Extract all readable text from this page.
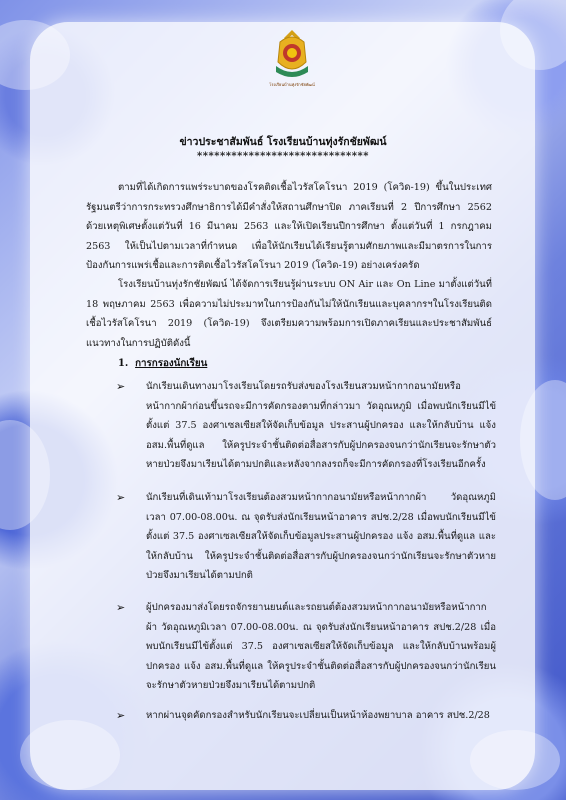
โรงเรียนบ้านทุ่งรักชัยพัฒน์
ข่าวประชาสัมพันธ์ โรงเรียนบ้านทุ่งรักชัยพัฒน์
******************************
ตามที่ได้เกิดการแพร่ระบาดของโรคติดเชื้อไวรัสโคโรนา 2019 (โควิด-19) ขึ้นในประเทศ รัฐมนตรีว่าการกระทรวงศึกษาธิการได้มีคำสั่งให้สถานศึกษาปิด ภาคเรียนที่ 2 ปีการศึกษา 2562 ด้วยเหตุพิเศษตั้งแต่วันที่ 16 มีนาคม 2563 และให้เปิดเรียนปีการศึกษา ตั้งแต่วันที่ 1 กรกฎาคม 2563 ให้เป็นไปตามเวลาที่กำหนด เพื่อให้นักเรียนได้เรียนรู้ตามศักยภาพและมีมาตรการในการป้องกันการแพร่เชื้อและการติดเชื้อไวรัสโคโรนา 2019 (โควิด-19) อย่างเคร่งครัด
โรงเรียนบ้านทุ่งรักชัยพัฒน์ ได้จัดการเรียนรู้ผ่านระบบ ON Air และ On Line มาตั้งแต่วันที่ 18 พฤษภาคม 2563 เพื่อความไม่ประมาทในการป้องกันไม่ให้นักเรียนและบุคลากรฯในโรงเรียนติดเชื้อไวรัสโคโรนา 2019 (โควิด-19) จึงเตรียมความพร้อมการเปิดภาคเรียนและประชาสัมพันธ์แนวทางในการปฏิบัติดังนี้
1. การกรองนักเรียน
➢ นักเรียนเดินทางมาโรงเรียนโดยรถรับส่งของโรงเรียนสวมหน้ากากอนามัยหรือหน้ากากผ้าก่อนขึ้นรถจะมีการคัดกรองตามที่กล่าวมา วัดอุณหภูมิ เมื่อพบนักเรียนมีไข้ตั้งแต่ 37.5 องศาเซลเซียสให้จัดเก็บข้อมูล ประสานผู้ปกครอง และให้กลับบ้าน แจ้ง อสม.พื้นที่ดูแล ให้ครูประจำชั้นติดต่อสื่อสารกับผู้ปกครองจนกว่านักเรียนจะรักษาตัวหายป่วยจึงมาเรียนได้ตามปกติและหลังจากลงรถก็จะมีการคัดกรองที่โรงเรียนอีกครั้ง
➢ นักเรียนที่เดินเท้ามาโรงเรียนต้องสวมหน้ากากอนามัยหรือหน้ากากผ้า วัดอุณหภูมิ เวลา 07.00-08.00น. ณ จุดรับส่งนักเรียนหน้าอาคาร สปช.2/28 เมื่อพบนักเรียนมีไข้ตั้งแต่ 37.5 องศาเซลเซียสให้จัดเก็บข้อมูลประสานผู้ปกครอง แจ้ง อสม.พื้นที่ดูแล และให้กลับบ้าน ให้ครูประจำชั้นติดต่อสื่อสารกับผู้ปกครองจนกว่านักเรียนจะรักษาตัวหายป่วยจึงมาเรียนได้ตามปกติ
➢ ผู้ปกครองมาส่งโดยรถจักรยานยนต์และรถยนต์ต้องสวมหน้ากากอนามัยหรือหน้ากากผ้า วัดอุณหภูมิเวลา 07.00-08.00น. ณ จุดรับส่งนักเรียนหน้าอาคาร สปช.2/28 เมื่อพบนักเรียนมีไข้ตั้งแต่ 37.5 องศาเซลเซียสให้จัดเก็บข้อมูล และให้กลับบ้านพร้อมผู้ปกครอง แจ้ง อสม.พื้นที่ดูแล ให้ครูประจำชั้นติดต่อสื่อสารกับผู้ปกครองจนกว่านักเรียนจะรักษาตัวหายป่วยจึงมาเรียนได้ตามปกติ
➢ หากผ่านจุดคัดกรองสำหรับนักเรียนจะเปลี่ยนเป็นหน้าห้องพยาบาล อาคาร สปช.2/28
